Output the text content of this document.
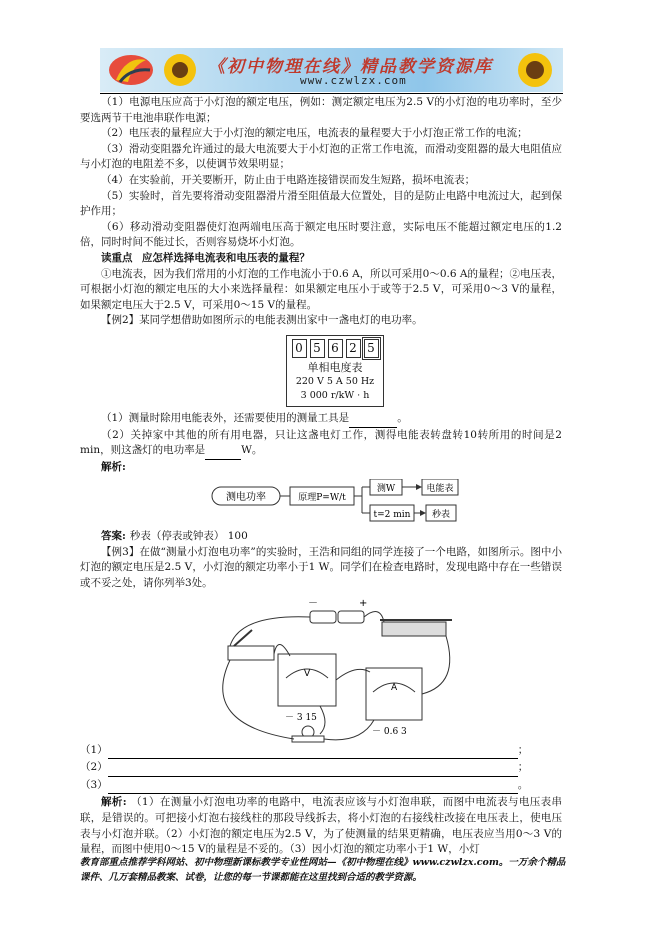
《初中物理在线》精品教学资源库
www.czwlzx.com

（1）电源电压应高于小灯泡的额定电压，例如：测定额定电压为2.5 V的小灯泡的电功率时，至少要选两节干电池串联作电源；

（2）电压表的量程应大于小灯泡的额定电压，电流表的量程要大于小灯泡正常工作的电流；

（3）滑动变阻器允许通过的最大电流要大于小灯泡的正常工作电流，而滑动变阻器的最大电阻值应与小灯泡的电阻差不多，以使调节效果明显；

（4）在实验前，开关要断开，防止由于电路连接错误而发生短路，损坏电流表；

（5）实验时，首先要将滑动变阻器滑片滑至阻值最大位置处，目的是防止电路中电流过大，起到保护作用；

（6）移动滑动变阻器使灯泡两端电压高于额定电压时要注意，实际电压不能超过额定电压的1.2倍，同时时间不能过长，否则容易烧坏小灯泡。

读重点 应怎样选择电流表和电压表的量程？

①电流表，因为我们常用的小灯泡的工作电流小于0.6 A，所以可采用0～0.6 A的量程；②电压表，可根据小灯泡的额定电压的大小来选择量程：如果额定电压小于或等于2.5 V，可采用0～3 V的量程，如果额定电压大于2.5 V，可采用0～15 V的量程。

【例2】某同学想借助如图所示的电能表测出家中一盏电灯的电功率。

0 5 6 2 5
单相电度表
220 V 5 A 50 Hz
3 000 r/kW · h

（1）测量时除用电能表外，还需要使用的测量工具是	。

（2）关掉家中其他的所有用电器，只让这盏电灯工作，测得电能表转盘转10转所用的时间是2 min，则这盏灯的电功率是	W。

解析:

测电功率	原理P=W/t
测W	电能表
t=2 min 秒表

答案: 秒表（停表或钟表） 100

【例3】在做“测量小灯泡电功率”的实验时，王浩和同组的同学连接了一个电路，如图所示。图中小灯泡的额定电压是2.5 V，小灯泡的额定功率小于1 W。同学们在检查电路时，发现电路中存在一些错误或不妥之处，请你列举3处。

－	+
V
－ 3 15
A
－ 0.6 3

（1）	；

（2）	；

（3）	。

解析: （1）在测量小灯泡电功率的电路中，电流表应该与小灯泡串联，而图中电流表与电压表串联，是错误的。可把接小灯泡右接线柱的那段导线拆去，将小灯泡的右接线柱改接在电压表上，使电压表与小灯泡并联。（2）小灯泡的额定电压为2.5 V，为了使测量的结果更精确，电压表应当用0～3 V的量程，而图中使用0～15 V的量程是不妥的。（3）因小灯泡的额定功率小于1 W，小灯

教育部重点推荐学科网站、初中物理新课标教学专业性网站—《初中物理在线》www.czwlzx.com。一万余个精品课件、几万套精品教案、试卷，让您的每一节课都能在这里找到合适的教学资源。
